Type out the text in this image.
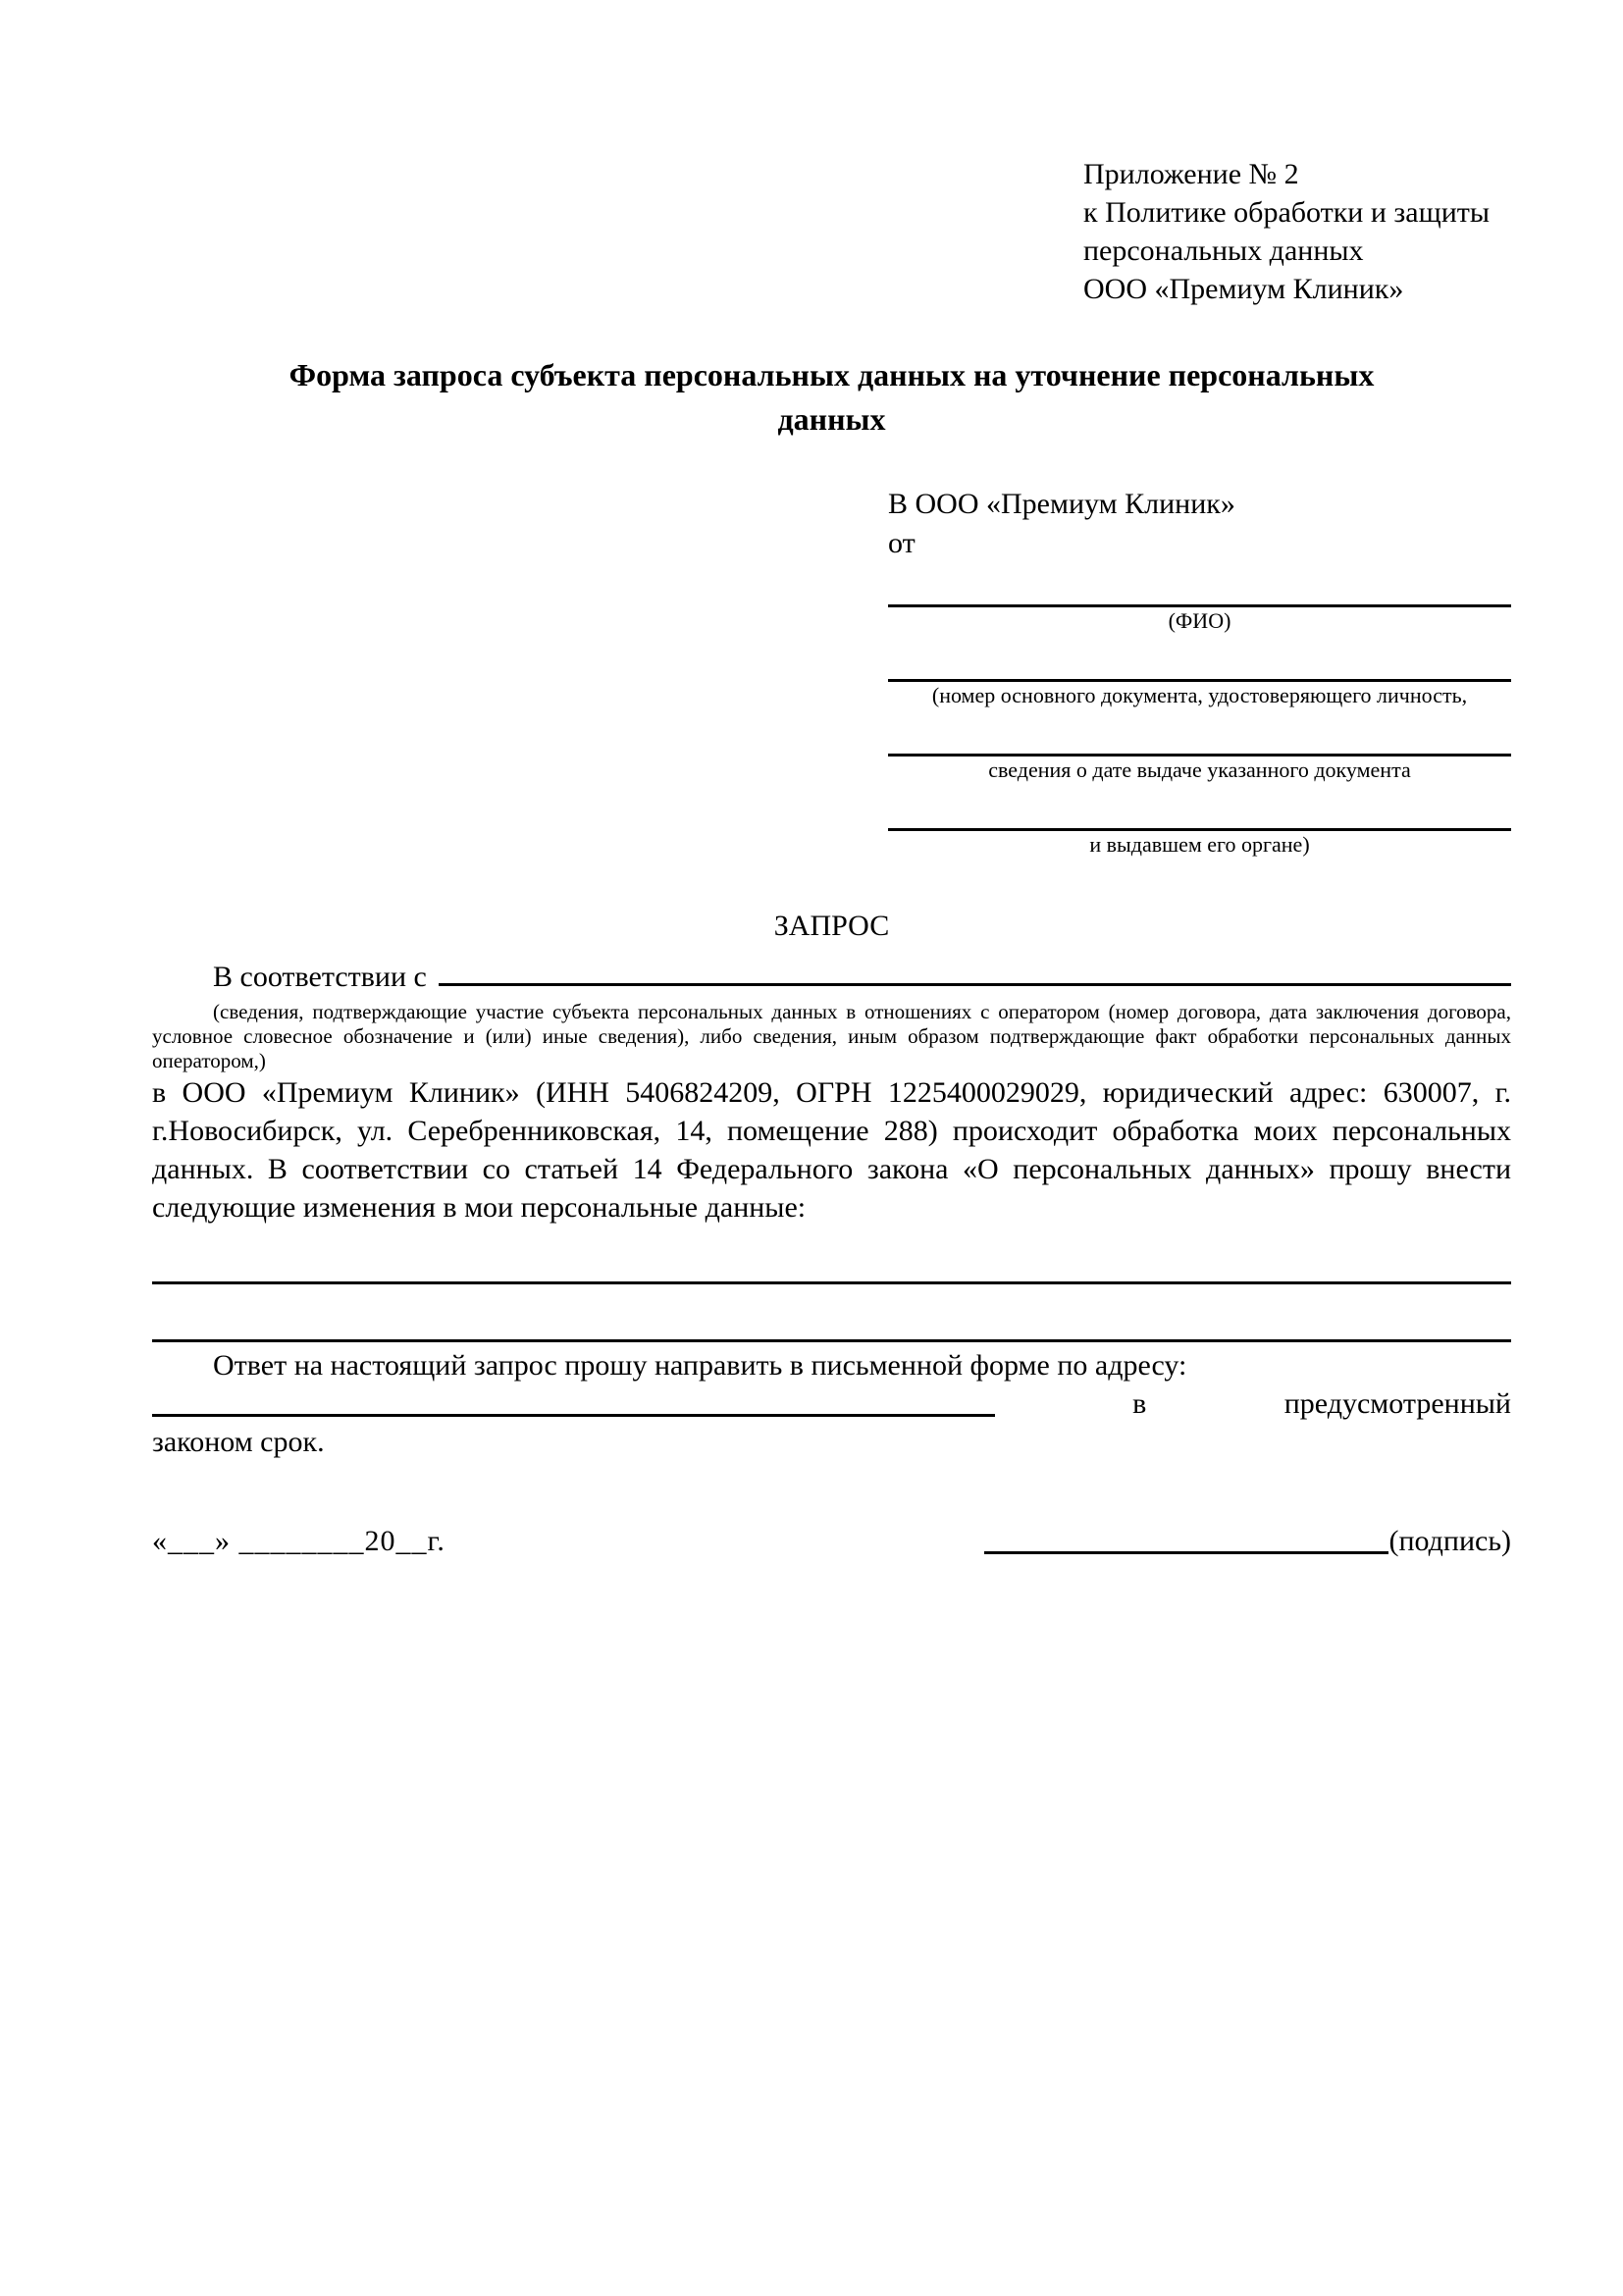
Приложение № 2
к Политике обработки и защиты
персональных данных
ООО «Премиум Клиник»
Форма запроса субъекта персональных данных на уточнение персональных данных
В ООО «Премиум Клиник»
от
(ФИО)
(номер основного документа, удостоверяющего личность,
сведения о дате выдаче указанного документа
и выдавшем его органе)
ЗАПРОС
В соответствии с
(сведения, подтверждающие участие субъекта персональных данных в отношениях с оператором (номер договора, дата заключения договора, условное словесное обозначение и (или) иные сведения), либо сведения, иным образом подтверждающие факт обработки персональных данных оператором,)

в ООО «Премиум Клиник» (ИНН 5406824209, ОГРН 1225400029029, юридический адрес: 630007, г. г.Новосибирск, ул. Серебренниковская, 14, помещение 288) происходит обработка моих персональных данных. В соответствии со статьей 14 Федерального закона «О персональных данных» прошу внести следующие изменения в мои персональные данные:

Ответ на настоящий запрос прошу направить в письменной форме по адресу:

в	предусмотренный

законом срок.

«___» ________20__г.	(подпись)
